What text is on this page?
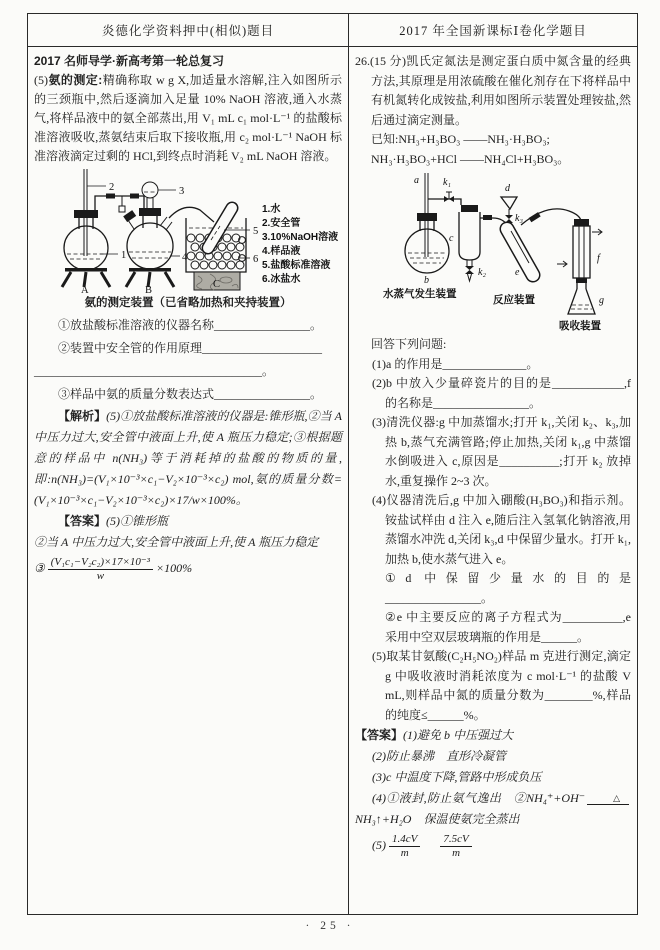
炎德化学资料押中(相似)题目	2017 年全国新课标Ⅰ卷化学题目

2017 名师导学·新高考第一轮总复习

(5)氨的测定:精确称取 w g X,加适量水溶解,注入如图所示的三颈瓶中,然后逐滴加入足量 10% NaOH 溶液,通入水蒸气,将样品液中的氨全部蒸出,用 V₁ mL c₁ mol·L⁻¹ 的盐酸标准溶液吸收,蒸氨结束后取下接收瓶,用 c₂ mol·L⁻¹ NaOH 标准溶液滴定过剩的 HCl,到终点时消耗 V₂ mL NaOH 溶液。

2
1
A
3
4
B
5
6
C
1.水
2.安全管
3.10%NaOH溶液
4.样品液
5.盐酸标准溶液
6.冰盐水

氨的测定装置（已省略加热和夹持装置）

①放盐酸标准溶液的仪器名称________________。

②装置中安全管的作用原理____________________

______________________________________。

③样品中氨的质量分数表达式________________。

【解析】(5)①放盐酸标准溶液的仪器是:锥形瓶,②当 A 中压力过大,安全管中液面上升,使 A 瓶压力稳定;③根据题意的样品中 n(NH₃)等于消耗掉的盐酸的物质的量,即:n(NH₃)=(V₁×10⁻³×c₁−V₂×10⁻³×c₂) mol,氨的质量分数=(V₁×10⁻³×c₁−V₂×10⁻³×c₂)×17/w×100%。

【答案】(5)①锥形瓶

②当 A 中压力过大,安全管中液面上升,使 A 瓶压力稳定

③ $\frac{\text{(V₁c₁−V₂c₂)×17×10⁻³}}{w} \times 100\%$

26.(15 分)凯氏定氮法是测定蛋白质中氮含量的经典方法,其原理是用浓硫酸在催化剂存在下将样品中有机氮转化成铵盐,利用如图所示装置处理铵盐,然后通过滴定测量。

已知:NH₃+H₃BO₃ ——NH₃·H₃BO₃;

NH₃·H₃BO₃+HCl ——NH₄Cl+H₃BO₃。

a
b
水蒸气发生装置
k₁
c
k₂
d
k₃
e
反应装置
f
g
吸收装置

回答下列问题:

(1)a 的作用是______________。

(2)b 中放入少量碎瓷片的目的是____________,f 的名称是________________。

(3)清洗仪器:g 中加蒸馏水;打开 k₁,关闭 k₂、k₃,加热 b,蒸气充满管路;停止加热,关闭 k₁,g 中蒸馏水倒吸进入 c,原因是__________;打开 k₂ 放掉水,重复操作 2~3 次。

(4)仪器清洗后,g 中加入硼酸(H₃BO₃)和指示剂。铵盐试样由 d 注入 e,随后注入氢氧化钠溶液,用蒸馏水冲洗 d,关闭 k₃,d 中保留少量水。打开 k₁,加热 b,使水蒸气进入 e。

①d 中保留少量水的目的是________________。

②e 中主要反应的离子方程式为__________,e 采用中空双层玻璃瓶的作用是______。

(5)取某甘氨酸(C₂H₅NO₂)样品 m 克进行测定,滴定 g 中吸收液时消耗浓度为 c mol·L⁻¹ 的盐酸 V mL,则样品中氮的质量分数为________%,样品的纯度≤______%。

【答案】(1)避免 b 中压强过大

(2)防止暴沸　直形冷凝管

(3)c 中温度下降,管路中形成负压

(4)①液封,防止氨气逸出　②NH₄⁺+OH⁻	△
NH₃↑+H₂O　保温使氨完全蒸出

$(5) \frac{1.4cV}{m} \frac{7.5cV}{m}$

· 25 ·
